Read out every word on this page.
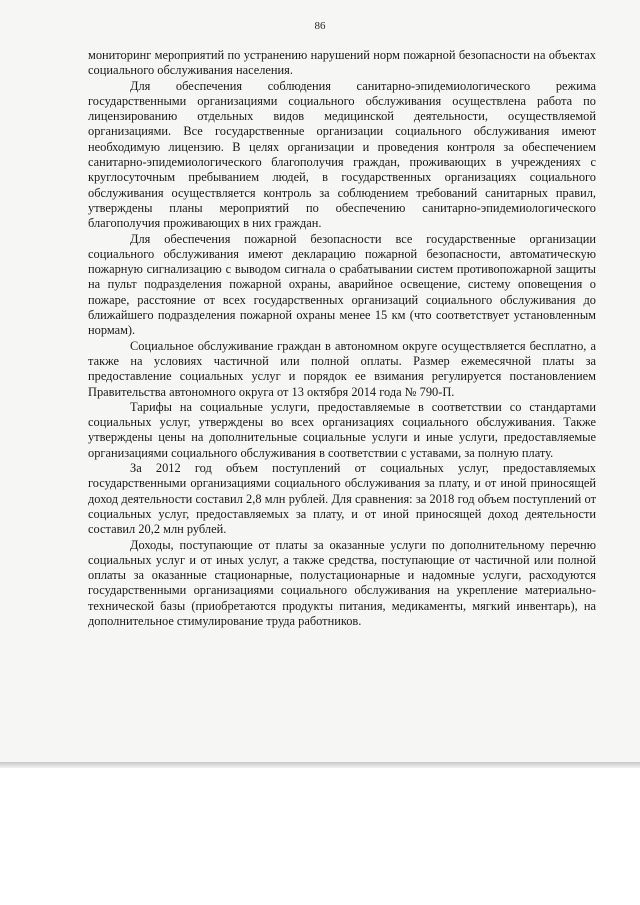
86

мониторинг мероприятий по устранению нарушений норм пожарной безопасности на объектах социального обслуживания населения.

Для обеспечения соблюдения санитарно-эпидемиологического режима государственными организациями социального обслуживания осуществлена работа по лицензированию отдельных видов медицинской деятельности, осуществляемой организациями. Все государственные организации социального обслуживания имеют необходимую лицензию. В целях организации и проведения контроля за обеспечением санитарно-эпидемиологического благополучия граждан, проживающих в учреждениях с круглосуточным пребыванием людей, в государственных организациях социального обслуживания осуществляется контроль за соблюдением требований санитарных правил, утверждены планы мероприятий по обеспечению санитарно-эпидемиологического благополучия проживающих в них граждан.

Для обеспечения пожарной безопасности все государственные организации социального обслуживания имеют декларацию пожарной безопасности, автоматическую пожарную сигнализацию с выводом сигнала о срабатывании систем противопожарной защиты на пульт подразделения пожарной охраны, аварийное освещение, систему оповещения о пожаре, расстояние от всех государственных организаций социального обслуживания до ближайшего подразделения пожарной охраны менее 15 км (что соответствует установленным нормам).

Социальное обслуживание граждан в автономном округе осуществляется бесплатно, а также на условиях частичной или полной оплаты. Размер ежемесячной платы за предоставление социальных услуг и порядок ее взимания регулируется постановлением Правительства автономного округа от 13 октября 2014 года № 790-П.

Тарифы на социальные услуги, предоставляемые в соответствии со стандартами социальных услуг, утверждены во всех организациях социального обслуживания. Также утверждены цены на дополнительные социальные услуги и иные услуги, предоставляемые организациями социального обслуживания в соответствии с уставами, за полную плату.

За 2012 год объем поступлений от социальных услуг, предоставляемых государственными организациями социального обслуживания за плату, и от иной приносящей доход деятельности составил 2,8 млн рублей. Для сравнения: за 2018 год объем поступлений от социальных услуг, предоставляемых за плату, и от иной приносящей доход деятельности составил 20,2 млн рублей.

Доходы, поступающие от платы за оказанные услуги по дополнительному перечню социальных услуг и от иных услуг, а также средства, поступающие от частичной или полной оплаты за оказанные стационарные, полустационарные и надомные услуги, расходуются государственными организациями социального обслуживания на укрепление материально-технической базы (приобретаются продукты питания, медикаменты, мягкий инвентарь), на дополнительное стимулирование труда работников.
